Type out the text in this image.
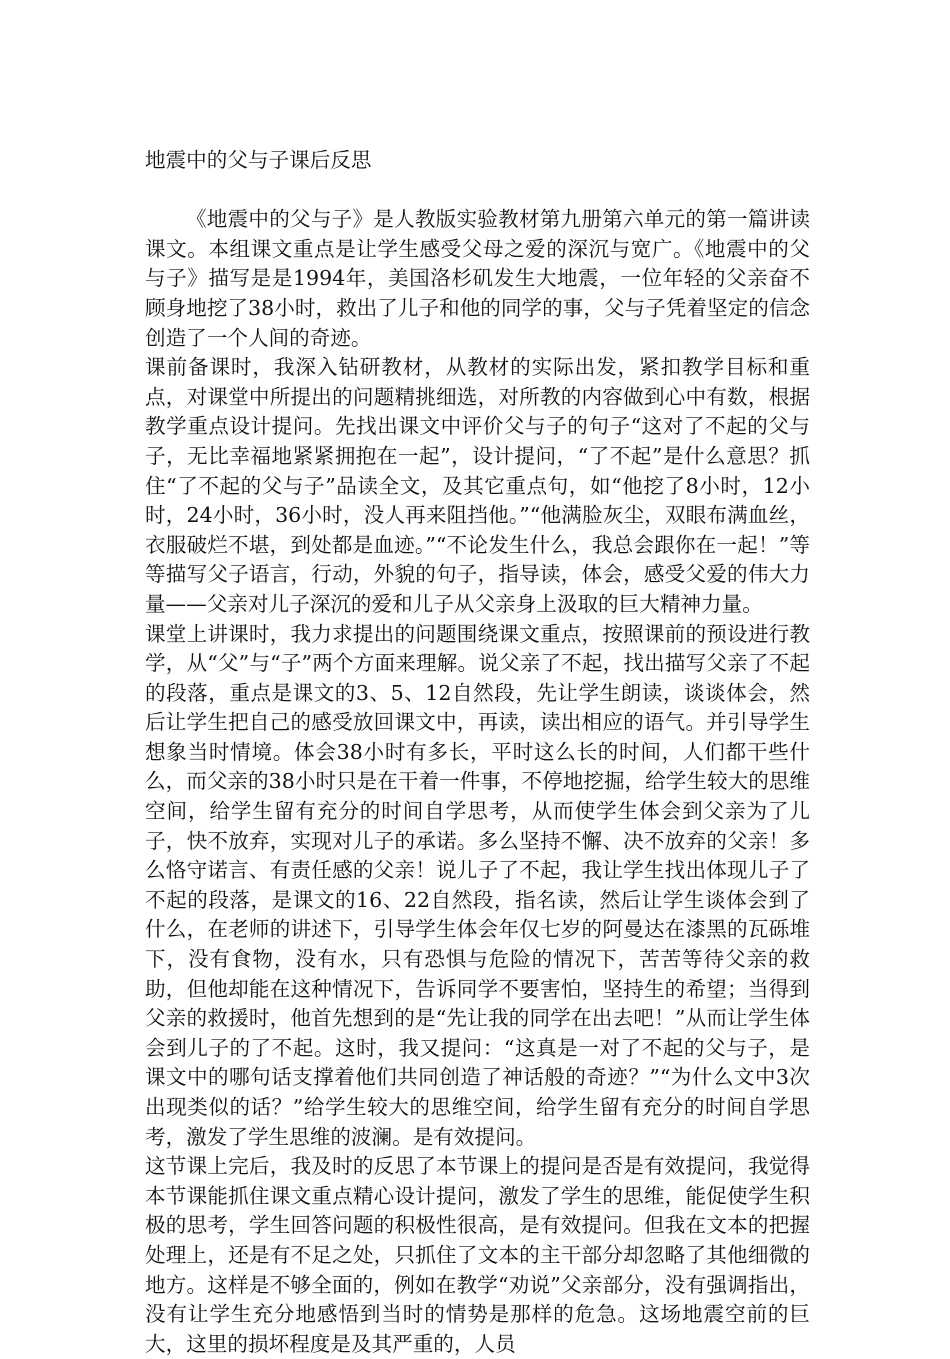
地震中的父与子课后反思

《地震中的父与子》是人教版实验教材第九册第六单元的第一篇讲读课文。本组课文重点是让学生感受父母之爱的深沉与宽广。《地震中的父与子》描写是是1994年，美国洛杉矶发生大地震，一位年轻的父亲奋不顾身地挖了38小时，救出了儿子和他的同学的事，父与子凭着坚定的信念创造了一个人间的奇迹。

课前备课时，我深入钻研教材，从教材的实际出发，紧扣教学目标和重点，对课堂中所提出的问题精挑细选，对所教的内容做到心中有数，根据教学重点设计提问。先找出课文中评价父与子的句子“这对了不起的父与子，无比幸福地紧紧拥抱在一起”，设计提问，“了不起”是什么意思？抓住“了不起的父与子”品读全文，及其它重点句，如“他挖了8小时，12小时，24小时，36小时，没人再来阻挡他。”“他满脸灰尘，双眼布满血丝，衣服破烂不堪，到处都是血迹。”“不论发生什么，我总会跟你在一起！”等等描写父子语言，行动，外貌的句子，指导读，体会，感受父爱的伟大力量——父亲对儿子深沉的爱和儿子从父亲身上汲取的巨大精神力量。

课堂上讲课时，我力求提出的问题围绕课文重点，按照课前的预设进行教学，从“父”与“子”两个方面来理解。说父亲了不起，找出描写父亲了不起的段落，重点是课文的3、5、12自然段，先让学生朗读，谈谈体会，然后让学生把自己的感受放回课文中，再读，读出相应的语气。并引导学生想象当时情境。体会38小时有多长，平时这么长的时间，人们都干些什么，而父亲的38小时只是在干着一件事，不停地挖掘，给学生较大的思维空间，给学生留有充分的时间自学思考，从而使学生体会到父亲为了儿子，快不放弃，实现对儿子的承诺。多么坚持不懈、决不放弃的父亲！多么恪守诺言、有责任感的父亲！说儿子了不起，我让学生找出体现儿子了不起的段落，是课文的16、22自然段，指名读，然后让学生谈体会到了什么，在老师的讲述下，引导学生体会年仅七岁的阿曼达在漆黑的瓦砾堆下，没有食物，没有水，只有恐惧与危险的情况下，苦苦等待父亲的救助，但他却能在这种情况下，告诉同学不要害怕，坚持生的希望；当得到父亲的救援时，他首先想到的是“先让我的同学在出去吧！”从而让学生体会到儿子的了不起。这时，我又提问：“这真是一对了不起的父与子，是课文中的哪句话支撑着他们共同创造了神话般的奇迹？”“为什么文中3次出现类似的话？”给学生较大的思维空间，给学生留有充分的时间自学思考，激发了学生思维的波澜。是有效提问。

这节课上完后，我及时的反思了本节课上的提问是否是有效提问，我觉得本节课能抓住课文重点精心设计提问，激发了学生的思维，能促使学生积极的思考，学生回答问题的积极性很高，是有效提问。但我在文本的把握处理上，还是有不足之处，只抓住了文本的主干部分却忽略了其他细微的地方。这样是不够全面的，例如在教学“劝说”父亲部分，没有强调指出，没有让学生充分地感悟到当时的情势是那样的危急。这场地震空前的巨大，这里的损坏程度是及其严重的，人员
